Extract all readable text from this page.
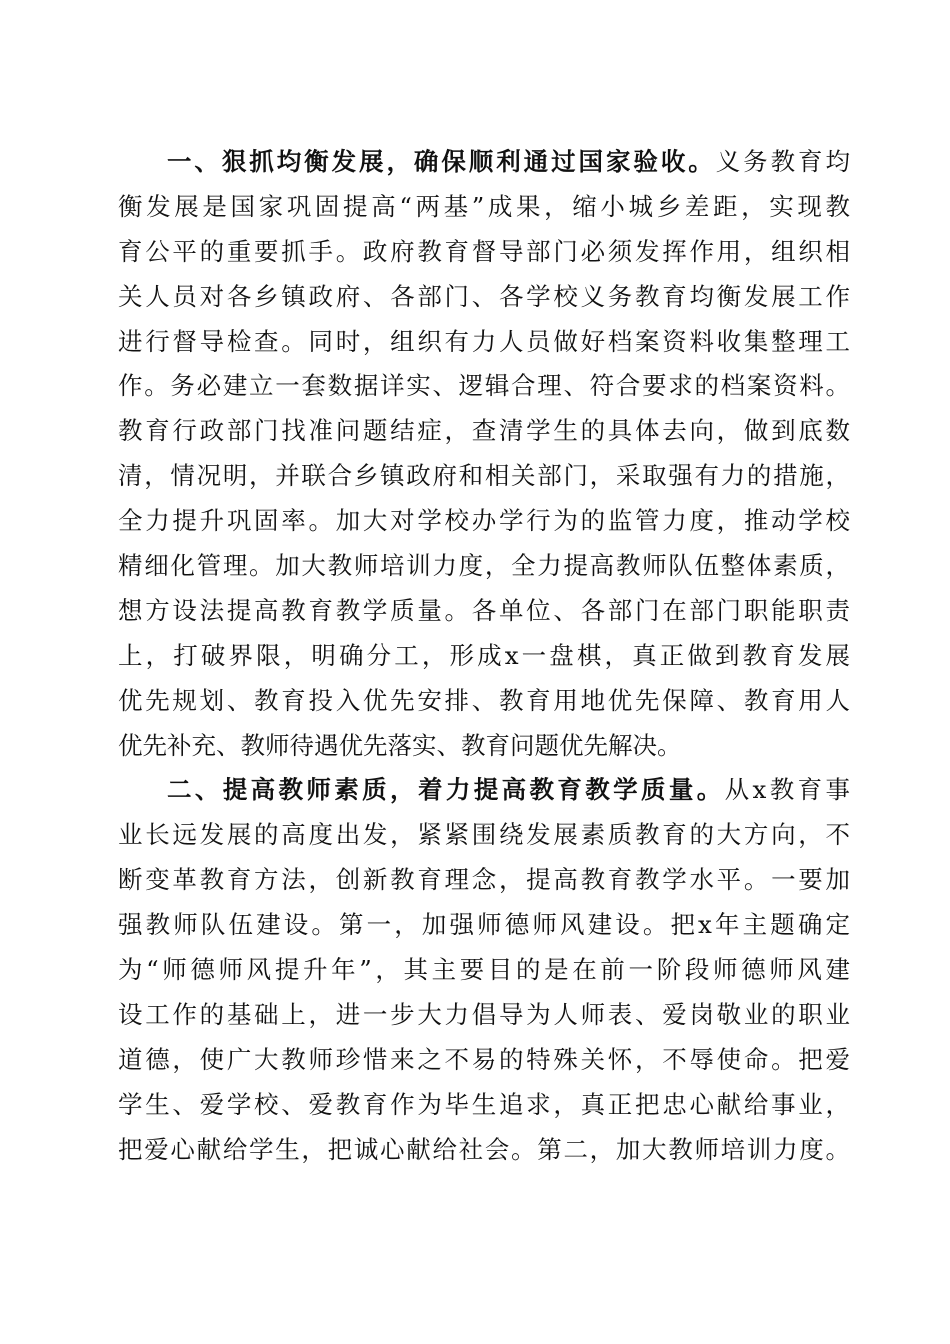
一、狠抓均衡发展，确保顺利通过国家验收。义务教育均
衡发展是国家巩固提高“两基”成果，缩小城乡差距，实现教
育公平的重要抓手。政府教育督导部门必须发挥作用，组织相
关人员对各乡镇政府、各部门、各学校义务教育均衡发展工作
进行督导检查。同时，组织有力人员做好档案资料收集整理工
作。务必建立一套数据详实、逻辑合理、符合要求的档案资料。
教育行政部门找准问题结症，查清学生的具体去向，做到底数
清，情况明，并联合乡镇政府和相关部门，采取强有力的措施，
全力提升巩固率。加大对学校办学行为的监管力度，推动学校
精细化管理。加大教师培训力度，全力提高教师队伍整体素质，
想方设法提高教育教学质量。各单位、各部门在部门职能职责
上，打破界限，明确分工，形成x一盘棋，真正做到教育发展
优先规划、教育投入优先安排、教育用地优先保障、教育用人
优先补充、教师待遇优先落实、教育问题优先解决。
二、提高教师素质，着力提高教育教学质量。从x教育事
业长远发展的高度出发，紧紧围绕发展素质教育的大方向，不
断变革教育方法，创新教育理念，提高教育教学水平。一要加
强教师队伍建设。第一，加强师德师风建设。把x年主题确定
为“师德师风提升年”，其主要目的是在前一阶段师德师风建
设工作的基础上，进一步大力倡导为人师表、爱岗敬业的职业
道德，使广大教师珍惜来之不易的特殊关怀，不辱使命。把爱
学生、爱学校、爱教育作为毕生追求，真正把忠心献给事业，
把爱心献给学生，把诚心献给社会。第二，加大教师培训力度。
